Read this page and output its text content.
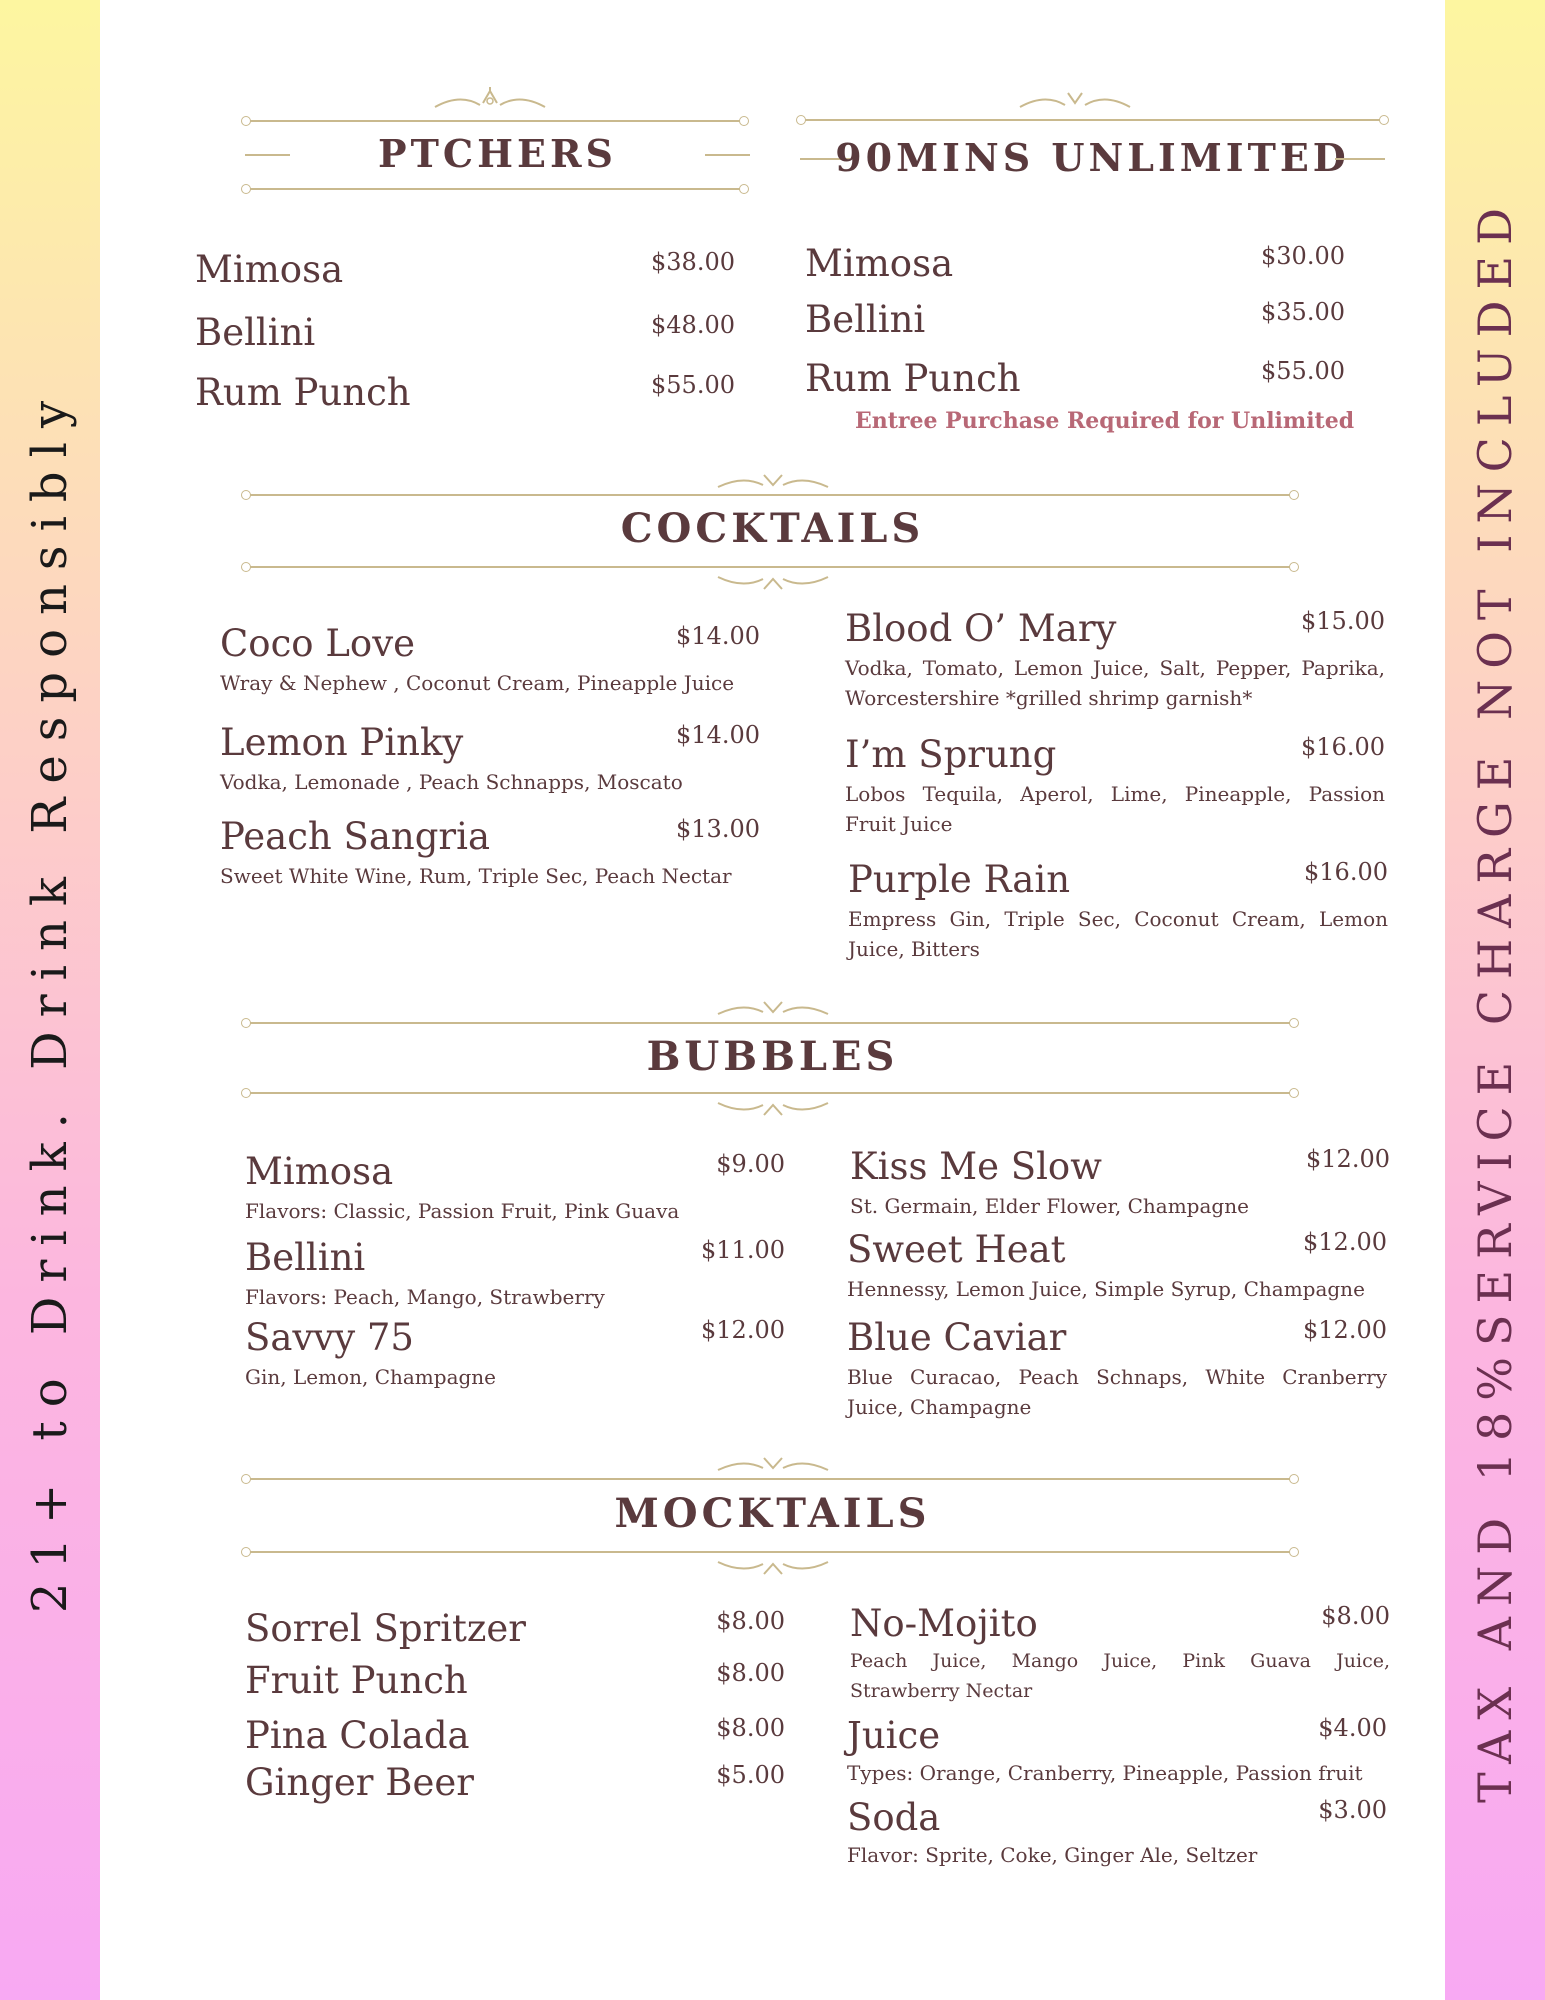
21+ to Drink. Drink Responsibly	TAX AND 18%SERVICE CHARGE NOT INCLUDED
PTCHERS	90MINS UNLIMITED
Mimosa	$38.00
Bellini	$48.00
Rum Punch	$55.00
Mimosa	$30.00
Bellini	$35.00
Rum Punch	$55.00
Entree Purchase Required for Unlimited
COCKTAILS
Coco Love	$14.00
Wray & Nephew , Coconut Cream, Pineapple Juice
Lemon Pinky	$14.00
Vodka, Lemonade , Peach Schnapps, Moscato
Peach Sangria	$13.00
Sweet White Wine, Rum, Triple Sec, Peach Nectar
Blood O’ Mary	$15.00
Vodka, Tomato, Lemon Juice, Salt, Pepper, Paprika, Worcestershire *grilled shrimp garnish*
I’m Sprung	$16.00
Lobos Tequila, Aperol, Lime, Pineapple, Passion Fruit Juice
Purple Rain	$16.00
Empress Gin, Triple Sec, Coconut Cream, Lemon Juice, Bitters
BUBBLES
Mimosa	$9.00
Flavors: Classic, Passion Fruit, Pink Guava
Bellini	$11.00
Flavors: Peach, Mango, Strawberry
Savvy 75	$12.00
Gin, Lemon, Champagne
Kiss Me Slow	$12.00
St. Germain, Elder Flower, Champagne
Sweet Heat	$12.00
Hennessy, Lemon Juice, Simple Syrup, Champagne
Blue Caviar	$12.00
Blue Curacao, Peach Schnaps, White Cranberry Juice, Champagne
MOCKTAILS
Sorrel Spritzer	$8.00
Fruit Punch	$8.00
Pina Colada	$8.00
Ginger Beer	$5.00
No-Mojito	$8.00
Peach Juice, Mango Juice, Pink Guava Juice, Strawberry Nectar
Juice	$4.00
Types: Orange, Cranberry, Pineapple, Passion fruit
Soda	$3.00
Flavor: Sprite, Coke, Ginger Ale, Seltzer
